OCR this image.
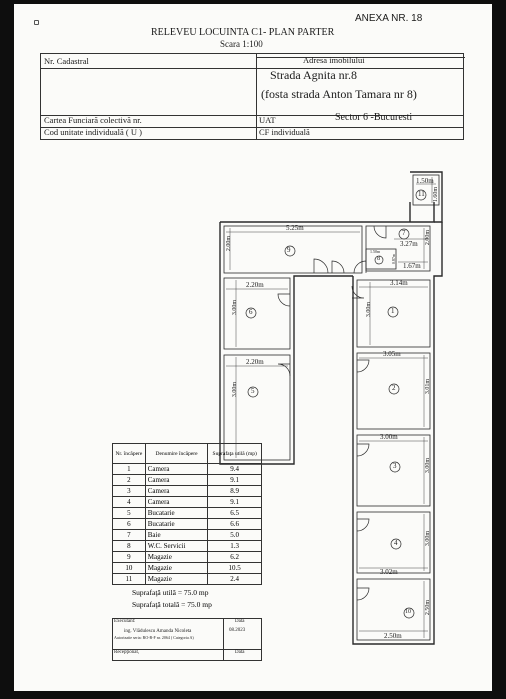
ANEXA NR. 18
RELEVEU LOCUINTA C1- PLAN PARTER
Scara 1:100
Nr. Cadastral	Adresa imobilului
Strada Agnita nr.8
(fosta strada Anton Tamara nr 8)
Cartea Funciară colectivă nr.	UAT	Sector 6 -Bucuresti
Cod unitate individuală ( U )	CF individuală
11
1.50m
1.60m
9
5.25m
2.00m
7
3.27m 2.00m
1.67m
8
1.50m
0.87m
6
2.20m
3.00m
5
2.20m
3.00m
1
3.14m
3.00m
2
3.05m
3.01m
3
3.00m
3.00m
4
3.02m
3.00m
10
2.50m
2.50m
Nr. încăpere	Denumire încăpere	Suprafaţa utilă (mp)
1	Camera	9.4
2	Camera	9.1
3	Camera	8.9
4	Camera	9.1
5	Bucatarie	6.5
6	Bucatarie	6.6
7	Baie	5.0
8	W.C. Servicii	1.3
9	Magazie	6.2
10	Magazie	10.5
11	Magazie	2.4
Suprafaţă utilă = 75.0 mp
Suprafaţă totală = 75.0 mp
Executant:	Data
ing. Vlădulescu Amanda Nicoleta
Autorizatie seria: RO-B-F nr. 2064 ( Categoria A)
08.2023
Recepţionat,	Data
